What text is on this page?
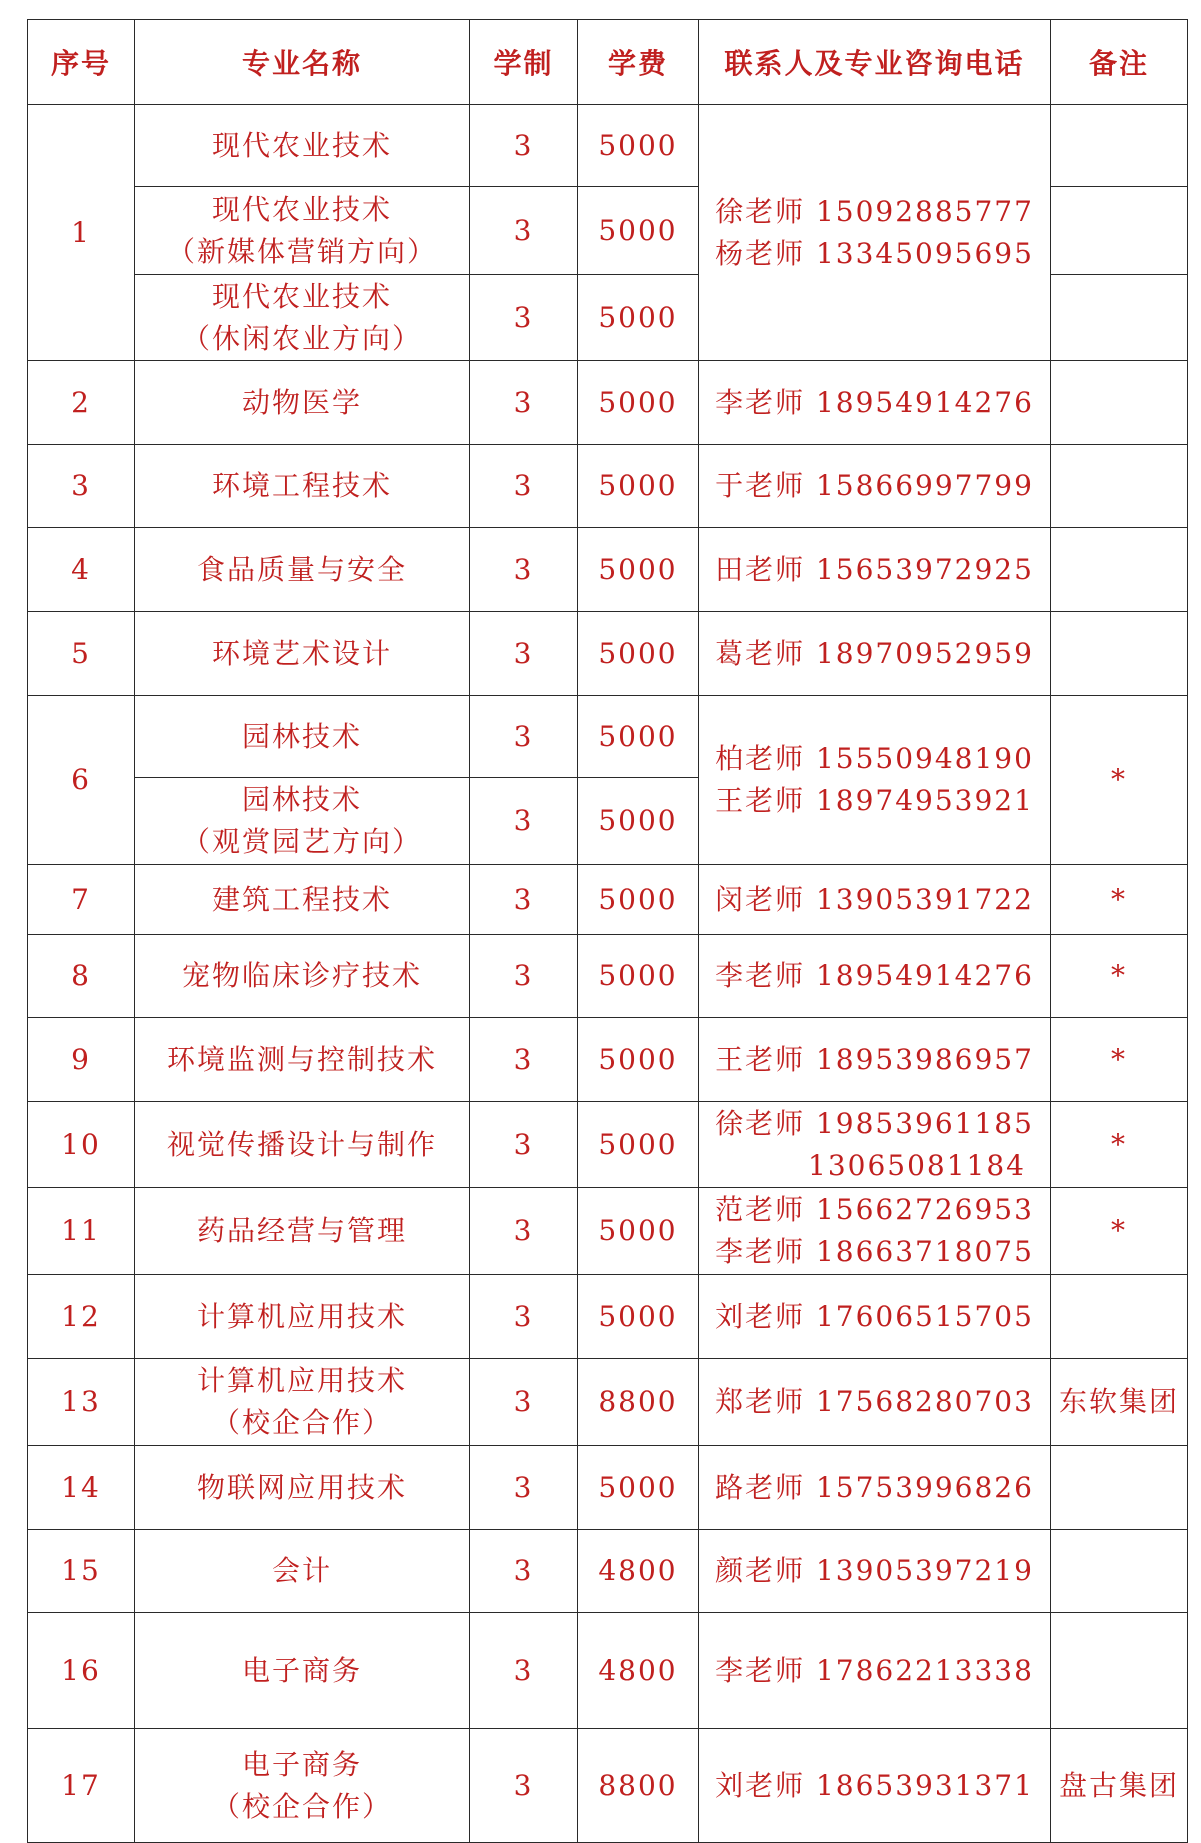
序号	专业名称	学制	学费	联系人及专业咨询电话	备注
1	现代农业技术	3	5000	徐老师 15092885777
杨老师 13345095695	

	现代农业技术
（新媒体营销方向）	3	5000		

	现代农业技术
（休闲农业方向）	3	5000		
2	动物医学	3	5000	李老师 18954914276	
3	环境工程技术	3	5000	于老师 15866997799	
4	食品质量与安全	3	5000	田老师 15653972925	
5	环境艺术设计	3	5000	葛老师 18970952959	
6	园林技术	3	5000	柏老师 15550948190
王老师 18974953921	*

	园林技术
（观赏园艺方向）	3	5000		
7	建筑工程技术	3	5000	闵老师 13905391722	*
8	宠物临床诊疗技术	3	5000	李老师 18954914276	*
9	环境监测与控制技术	3	5000	王老师 18953986957	*
10	视觉传播设计与制作	3	5000	徐老师 19853961185
13065081184	*
11	药品经营与管理	3	5000	范老师 15662726953
李老师 18663718075	*
12	计算机应用技术	3	5000	刘老师 17606515705	
13	计算机应用技术
（校企合作）	3	8800	郑老师 17568280703	东软集团
14	物联网应用技术	3	5000	路老师 15753996826	
15	会计	3	4800	颜老师 13905397219	
16	电子商务	3	4800	李老师 17862213338	
17	电子商务
（校企合作）	3	8800	刘老师 18653931371	盘古集团
